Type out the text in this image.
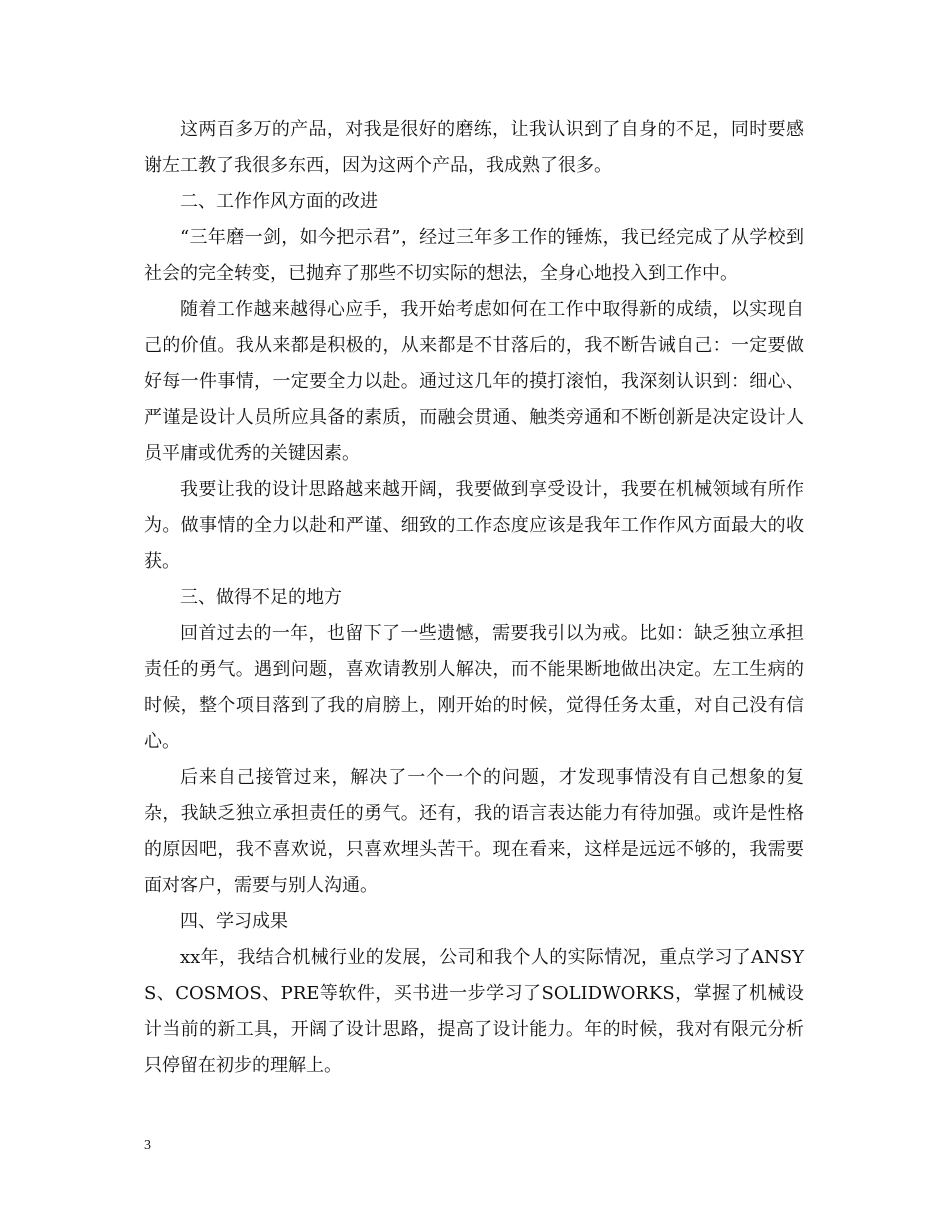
这两百多万的产品，对我是很好的磨练，让我认识到了自身的不足，同时要感谢左工教了我很多东西，因为这两个产品，我成熟了很多。

二、工作作风方面的改进

“三年磨一剑，如今把示君”，经过三年多工作的锤炼，我已经完成了从学校到社会的完全转变，已抛弃了那些不切实际的想法，全身心地投入到工作中。

随着工作越来越得心应手，我开始考虑如何在工作中取得新的成绩，以实现自己的价值。我从来都是积极的，从来都是不甘落后的，我不断告诫自己：一定要做好每一件事情，一定要全力以赴。通过这几年的摸打滚怕，我深刻认识到：细心、严谨是设计人员所应具备的素质，而融会贯通、触类旁通和不断创新是决定设计人员平庸或优秀的关键因素。

我要让我的设计思路越来越开阔，我要做到享受设计，我要在机械领域有所作为。做事情的全力以赴和严谨、细致的工作态度应该是我年工作作风方面最大的收获。

三、做得不足的地方

回首过去的一年，也留下了一些遗憾，需要我引以为戒。比如：缺乏独立承担责任的勇气。遇到问题，喜欢请教别人解决，而不能果断地做出决定。左工生病的时候，整个项目落到了我的肩膀上，刚开始的时候，觉得任务太重，对自己没有信心。

后来自己接管过来，解决了一个一个的问题，才发现事情没有自己想象的复杂，我缺乏独立承担责任的勇气。还有，我的语言表达能力有待加强。或许是性格的原因吧，我不喜欢说，只喜欢埋头苦干。现在看来，这样是远远不够的，我需要面对客户，需要与别人沟通。

四、学习成果

xx年，我结合机械行业的发展，公司和我个人的实际情况，重点学习了ANSYS、COSMOS、PRE等软件，买书进一步学习了SOLIDWORKS，掌握了机械设计当前的新工具，开阔了设计思路，提高了设计能力。年的时候，我对有限元分析只停留在初步的理解上。

3
